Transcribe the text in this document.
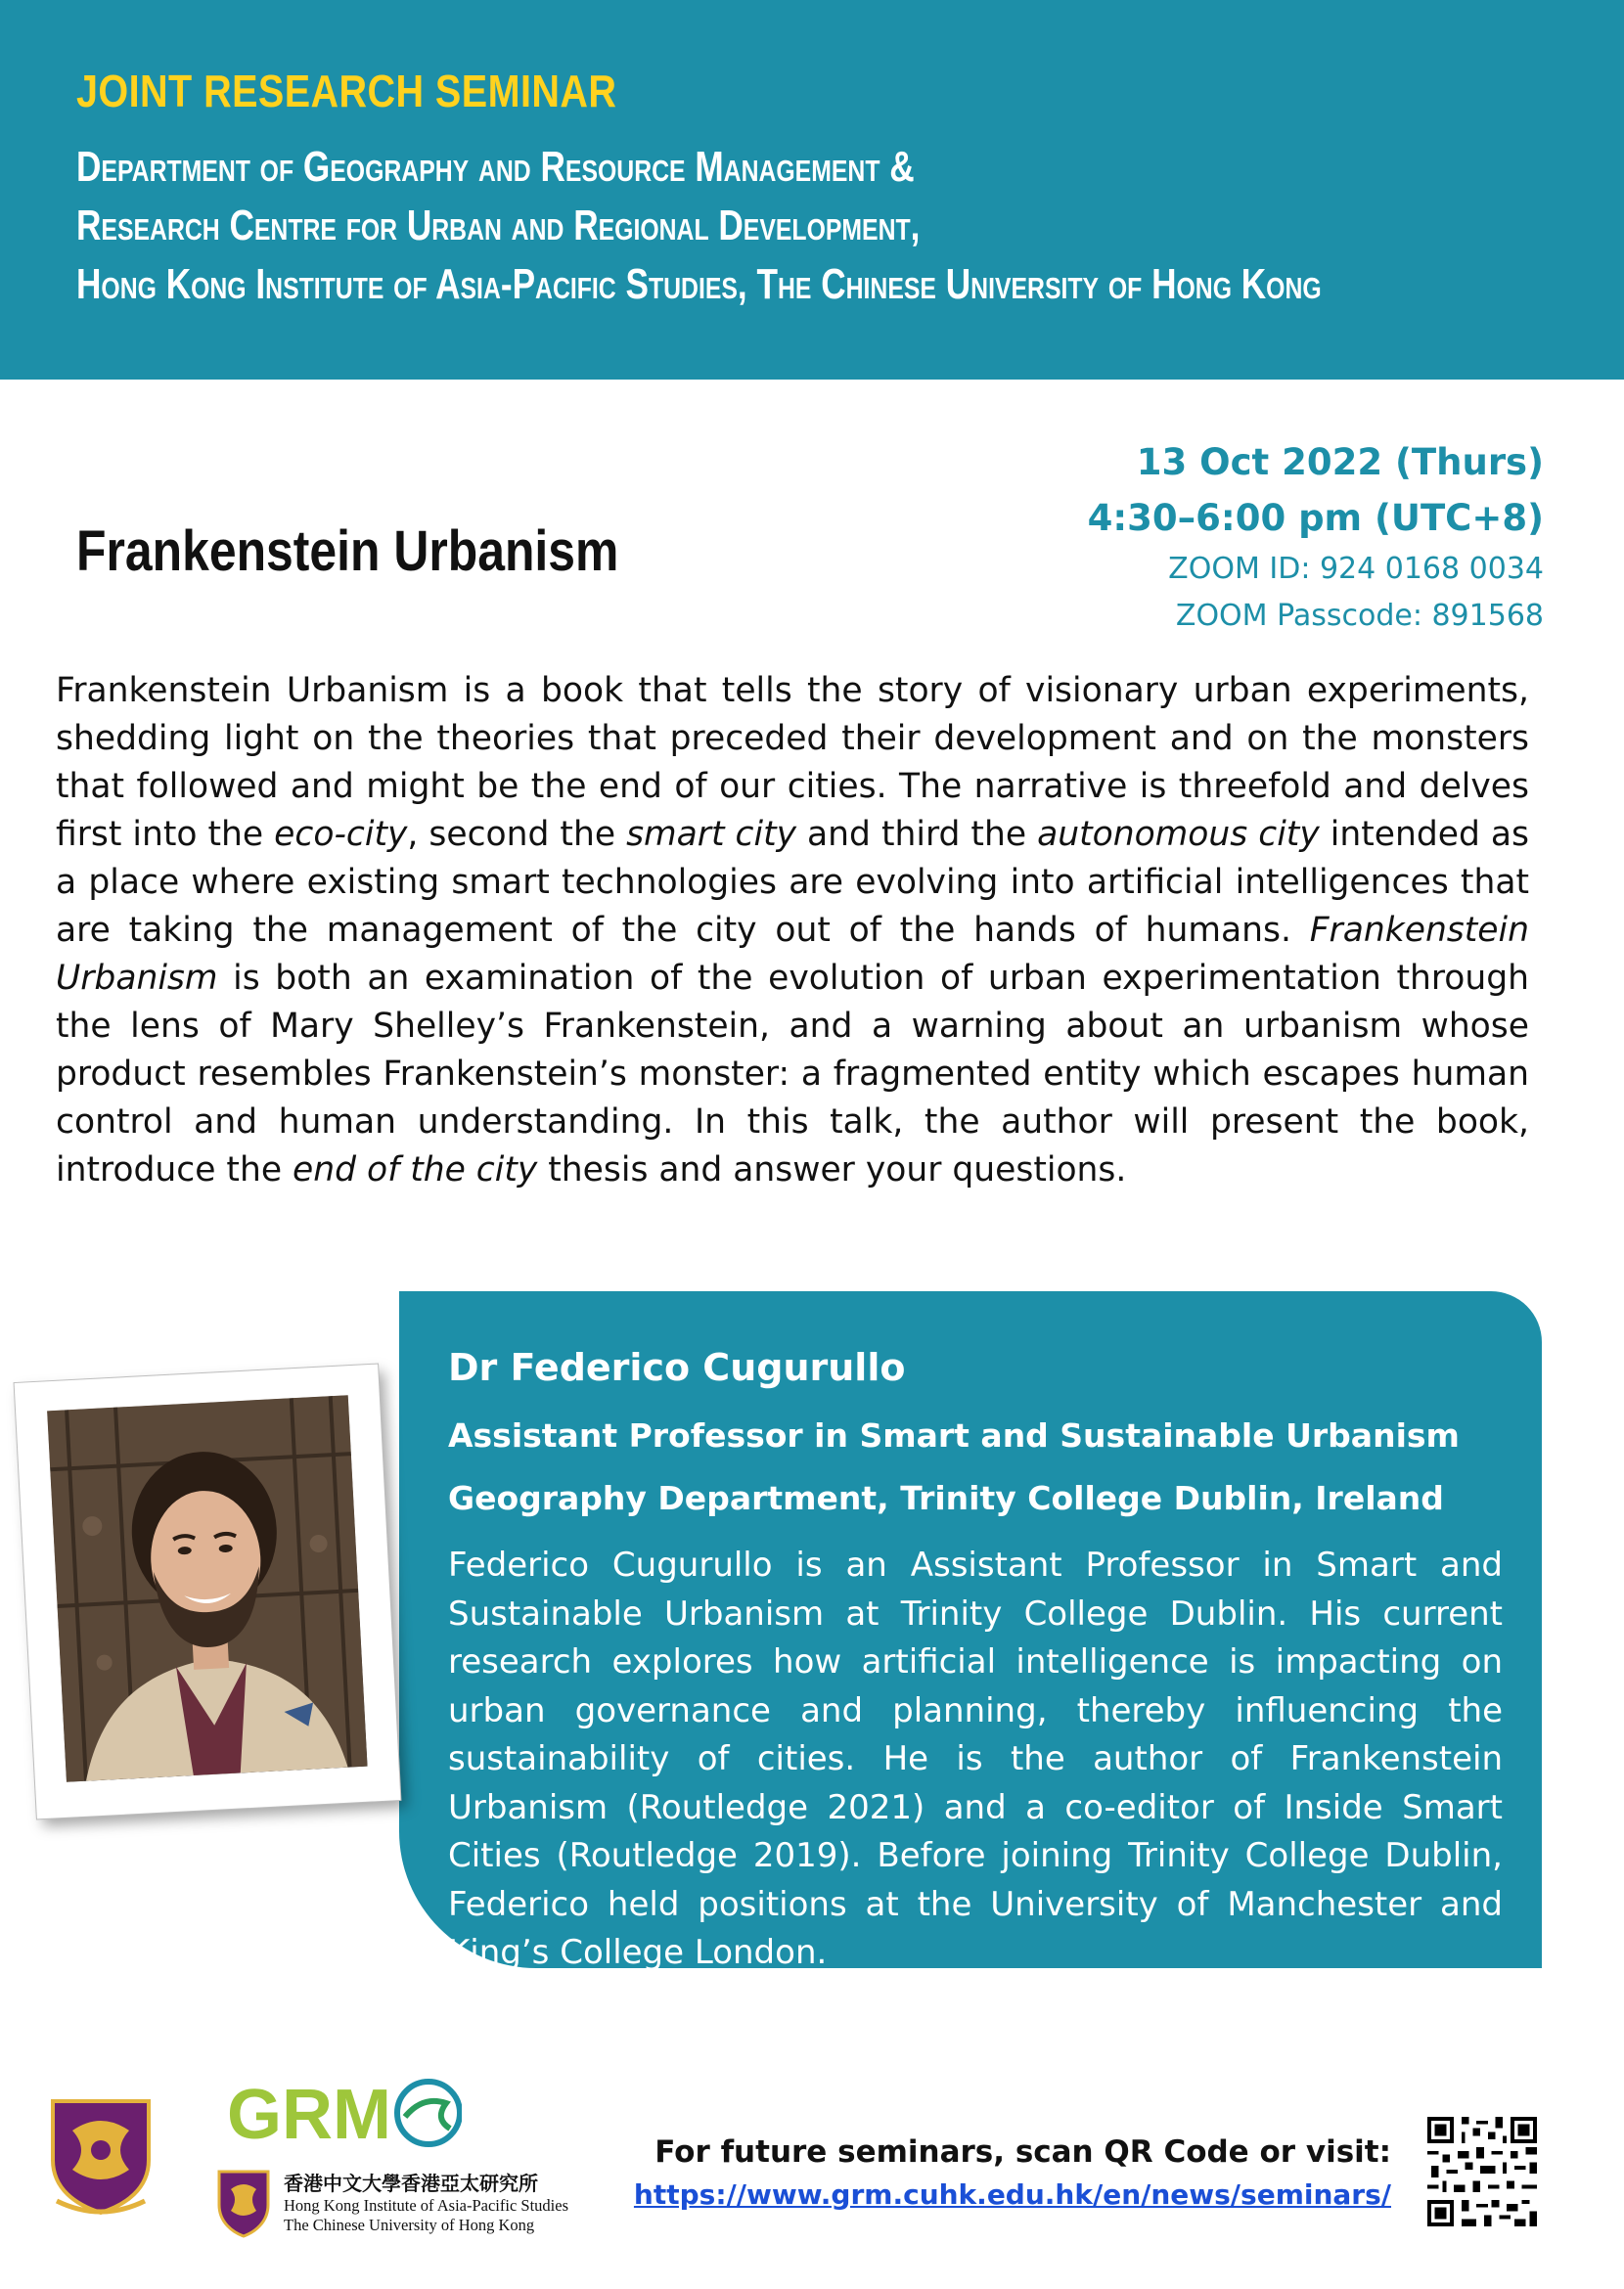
JOINT RESEARCH SEMINAR
Department of Geography and Resource Management &
Research Centre for Urban and Regional Development,
Hong Kong Institute of Asia-Pacific Studies, The Chinese University of Hong Kong
Frankenstein Urbanism
13 Oct 2022 (Thurs)
4:30–6:00 pm (UTC+8)
ZOOM ID: 924 0168 0034
ZOOM Passcode: 891568
Frankenstein Urbanism is a book that tells the story of visionary urban experiments, shedding light on the theories that preceded their development and on the monsters that followed and might be the end of our cities. The narrative is threefold and delves first into the eco-city, second the smart city and third the autonomous city intended as a place where existing smart technologies are evolving into artificial intelligences that are taking the management of the city out of the hands of humans. Frankenstein Urbanism is both an examination of the evolution of urban experimentation through the lens of Mary Shelley’s Frankenstein, and a warning about an urbanism whose product resembles Frankenstein’s monster: a fragmented entity which escapes human control and human understanding. In this talk, the author will present the book, introduce the end of the city thesis and answer your questions.
Dr Federico Cugurullo
Assistant Professor in Smart and Sustainable Urbanism
Geography Department, Trinity College Dublin, Ireland
Federico Cugurullo is an Assistant Professor in Smart and Sustainable Urbanism at Trinity College Dublin. His current research explores how artificial intelligence is impacting on urban governance and planning, thereby influencing the sustainability of cities. He is the author of Frankenstein Urbanism (Routledge 2021) and a co-editor of Inside Smart Cities (Routledge 2019). Before joining Trinity College Dublin, Federico held positions at the University of Manchester and King’s College London.
GRM
香港中文大學香港亞太研究所
Hong Kong Institute of Asia-Pacific Studies
The Chinese University of Hong Kong
For future seminars, scan QR Code or visit:
https://www.grm.cuhk.edu.hk/en/news/seminars/
